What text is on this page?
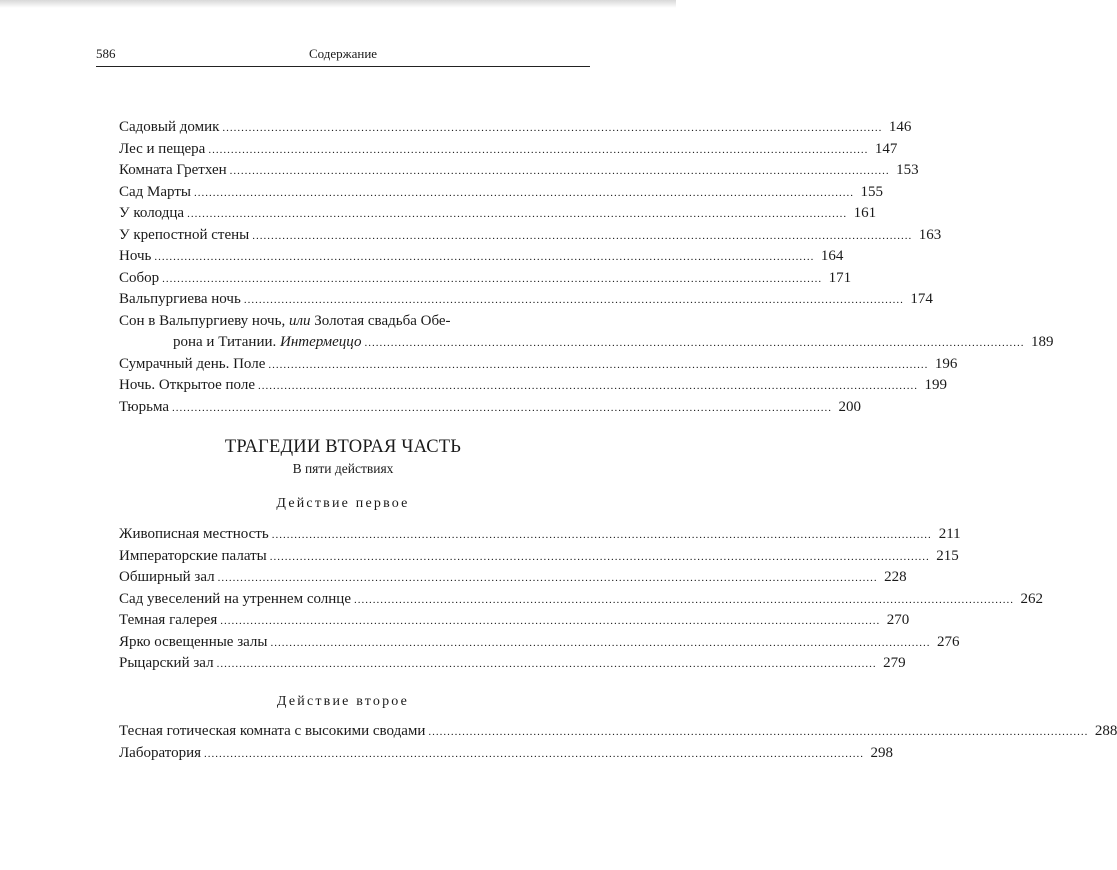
586	Содержание
Садовый домик .....	146
Лес и пещера .....	147
Комната Гретхен .....	153
Сад Марты .....	155
У колодца .....	161
У крепостной стены .....	163
Ночь .....	164
Собор .....	171
Вальпургиева ночь .....	174
Сон в Вальпургиеву ночь, или Золотая свадьба Обе-
рона и Титании. Интермеццо .....	189
Сумрачный день. Поле .....	196
Ночь. Открытое поле .....	199
Тюрьма .....	200
ТРАГЕДИИ ВТОРАЯ ЧАСТЬ
В пяти действиях
Действие первое
Живописная местность .....	211
Императорские палаты .....	215
Обширный зал .....	228
Сад увеселений на утреннем солнце .....	262
Темная галерея .....	270
Ярко освещенные залы .....	276
Рыцарский зал .....	279
Действие второе
Тесная готическая комната с высокими сводами .....	288
Лаборатория .....	298
